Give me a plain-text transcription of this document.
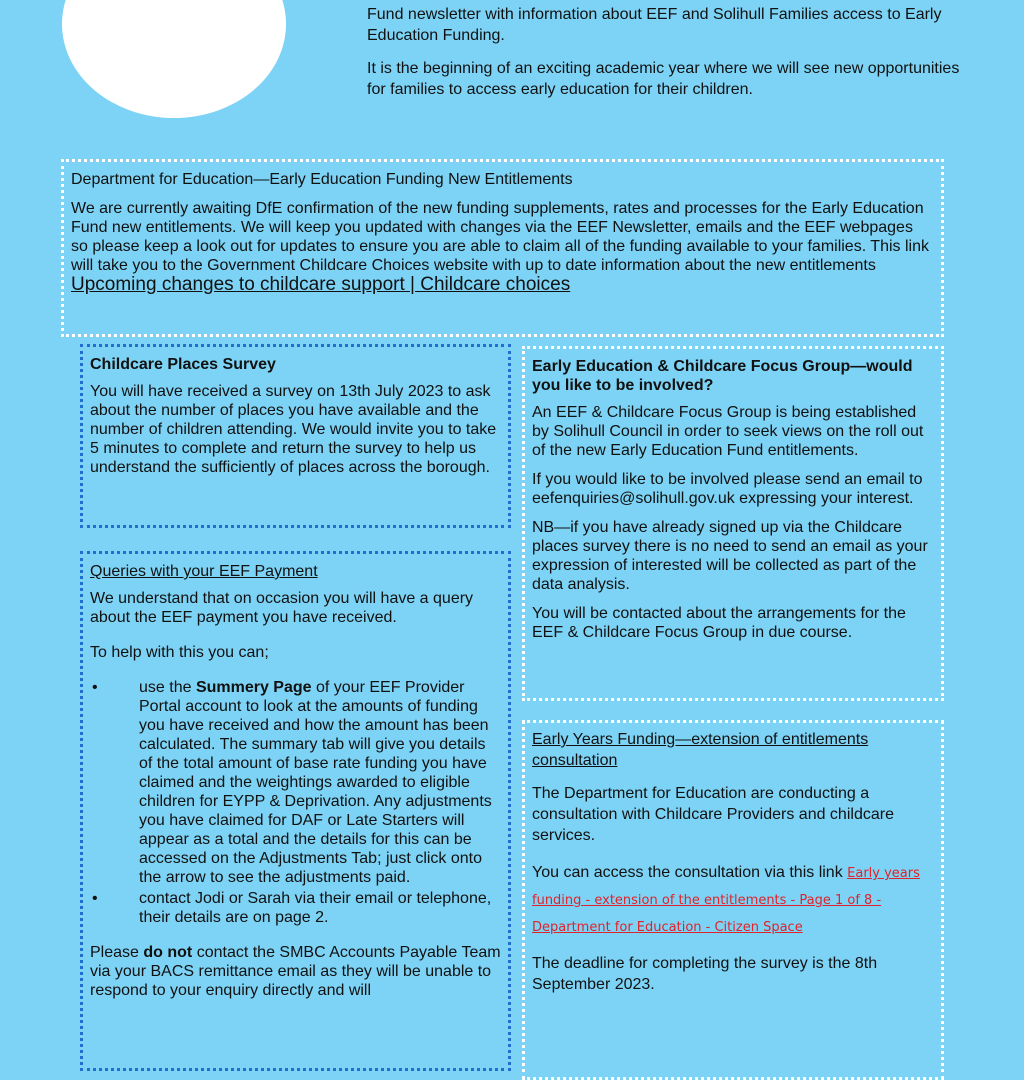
Fund newsletter with information about EEF and Solihull Families access to Early Education Funding.

It is the beginning of an exciting academic year where we will see new opportunities for families to access early education for their children.

Department for Education—Early Education Funding New Entitlements
We are currently awaiting DfE confirmation of the new funding supplements, rates and processes for the Early Education Fund new entitlements. We will keep you updated with changes via the EEF Newsletter, emails and the EEF webpages so please keep a look out for updates to ensure you are able to claim all of the funding available to your families. This link will take you to the Government Childcare Choices website with up to date information about the new entitlements Upcoming changes to childcare support | Childcare choices
Childcare Places Survey

You will have received a survey on 13th July 2023 to ask about the number of places you have available and the number of children attending. We would invite you to take 5 minutes to complete and return the survey to help us understand the sufficiently of places across the borough.

Queries with your EEF Payment

We understand that on occasion you will have a query about the EEF payment you have received.

To help with this you can;

•	use the Summery Page of your EEF Provider Portal account to look at the amounts of funding you have received and how the amount has been calculated. The summary tab will give you details of the total amount of base rate funding you have claimed and the weightings awarded to eligible children for EYPP & Deprivation. Any adjustments you have claimed for DAF or Late Starters will appear as a total and the details for this can be accessed on the Adjustments Tab; just click onto the arrow to see the adjustments paid.
•	contact Jodi or Sarah via their email or telephone, their details are on page 2.

Please do not contact the SMBC Accounts Payable Team via your BACS remittance email as they will be unable to respond to your enquiry directly and will

Early Education & Childcare Focus Group—would you like to be involved?

An EEF & Childcare Focus Group is being established by Solihull Council in order to seek views on the roll out of the new Early Education Fund entitlements.

If you would like to be involved please send an email to eefenquiries@solihull.gov.uk expressing your interest.

NB—if you have already signed up via the Childcare places survey there is no need to send an email as your expression of interested will be collected as part of the data analysis.

You will be contacted about the arrangements for the EEF & Childcare Focus Group in due course.

Early Years Funding—extension of entitlements consultation

The Department for Education are conducting a consultation with Childcare Providers and childcare services.

You can access the consultation via this link Early years funding - extension of the entitlements - Page 1 of 8 - Department for Education - Citizen Space

The deadline for completing the survey is the 8th September 2023.
